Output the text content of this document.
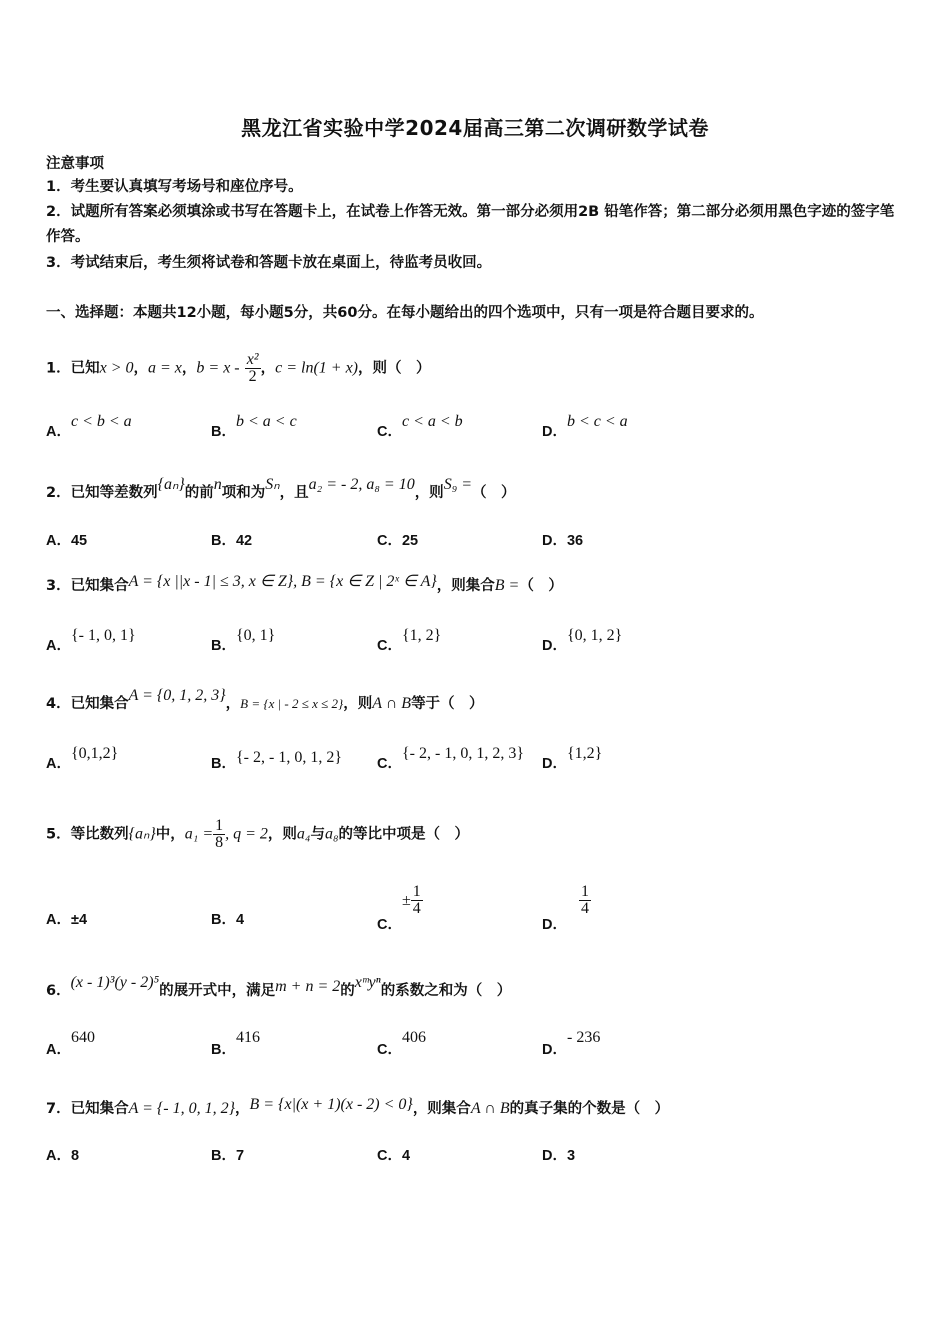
黑龙江省实验中学2024届高三第二次调研数学试卷
注意事项
1．考生要认真填写考场号和座位序号。
2．试题所有答案必须填涂或书写在答题卡上，在试卷上作答无效。第一部分必须用2B 铅笔作答；第二部分必须用黑色字迹的签字笔作答。
3．考试结束后，考生须将试卷和答题卡放在桌面上，待监考员收回。
一、选择题：本题共12小题，每小题5分，共60分。在每小题给出的四个选项中，只有一项是符合题目要求的。
1．已知x > 0，a = x，$b = x - \frac{\text{x²}}{2}$ ，c = ln(1 + x)，则（　）
A．c < b < a
B．b < a < c
C．c < a < b
D．b < c < a
2．已知等差数列{aₙ}的前n项和为Sₙ，且a₂ = - 2, a₈ = 10，则S₉ =（　）
A．45	B．42	C．25	D．36
3．已知集合A = {x ||x - 1| ≤ 3, x ∈ Z}, B = {x ∈ Z | 2ˣ ∈ A}，则集合B =（　）
A．{- 1, 0, 1}
B．{0, 1}
C．{1, 2}
D．{0, 1, 2}
4．已知集合A = {0, 1, 2, 3}，B = {x | - 2 ≤ x ≤ 2}，则A ∩ B等于（　）
A．{0,1,2}
B．{- 2, - 1, 0, 1, 2} C．{- 2, - 1, 0, 1, 2, 3}
D．{1,2}
5．等比数列{aₙ}中，$a_1 = \frac{1}{8}$ , q = 2，则a₄与a₈的等比中项是（　）
A．±4	B．4	C．± $\frac{1}{4}$
D．
$\frac{1}{4}$
6．(x - 1)³(y - 2)⁵的展开式中，满足m + n = 2的xᵐyⁿ的系数之和为（　）
A．640
B．416
C．406
D．- 236
7．已知集合A = {- 1, 0, 1, 2}，B = {x|(x + 1)(x - 2) < 0}，则集合A ∩ B的真子集的个数是（　）
A．8	B．7	C．4	D．3
